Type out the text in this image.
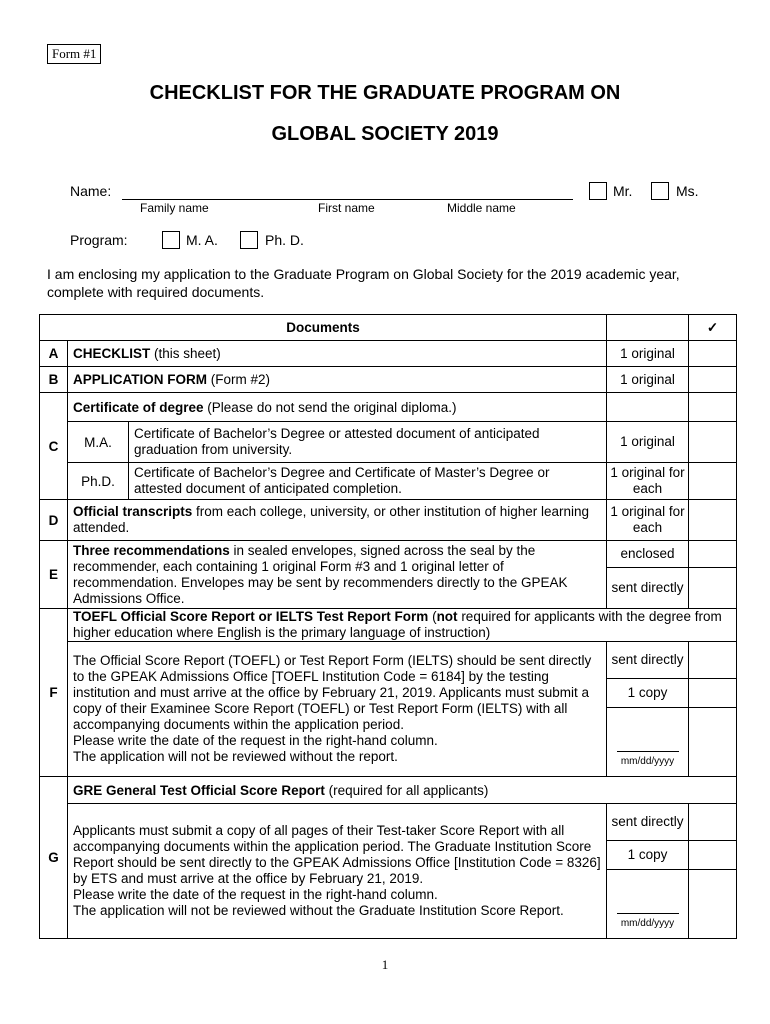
Form #1
CHECKLIST FOR THE GRADUATE PROGRAM ON
GLOBAL SOCIETY 2019
Name:	Mr.	Ms.
Family name	First name	Middle name
Program:	M. A.	Ph. D.
I am enclosing my application to the Graduate Program on Global Society for the 2019 academic year, complete with required documents.
Documents				✓
A	CHECKLIST (this sheet)		1 original	
B	APPLICATION FORM (Form #2)		1 original	
C	Certificate of degree (Please do not send the original diploma.)			
	M.A.	Certificate of Bachelor’s Degree or attested document of anticipated graduation from university.	1 original	
	Ph.D.	Certificate of Bachelor’s Degree and Certificate of Master’s Degree or attested document of anticipated completion.	1 original for each	
D	Official transcripts from each college, university, or other institution of higher learning attended.		1 original for each	
E	Three recommendations in sealed envelopes, signed across the seal by the recommender, each containing 1 original Form #3 and 1 original letter of recommendation. Envelopes may be sent by recommenders directly to the GPEAK Admissions Office.		enclosed	
			sent directly	
F	TOEFL Official Score Report or IELTS Test Report Form (not required for applicants with the degree from higher education where English is the primary language of instruction)			

	The Official Score Report (TOEFL) or Test Report Form (IELTS) should be sent directly to the GPEAK Admissions Office [TOEFL Institution Code = 6184] by the testing institution and must arrive at the office by February 21, 2019. Applicants must submit a copy of their Examinee Score Report (TOEFL) or Test Report Form (IELTS) with all accompanying documents within the application period.
Please write the date of the request in the right-hand column.
The application will not be reviewed without the report.		sent directly	
			1 copy	
			mm/dd/yyyy	
G	GRE General Test Official Score Report (required for all applicants)			

	Applicants must submit a copy of all pages of their Test-taker Score Report with all accompanying documents within the application period. The Graduate Institution Score Report should be sent directly to the GPEAK Admissions Office [Institution Code = 8326] by ETS and must arrive at the office by February 21, 2019.
Please write the date of the request in the right-hand column.
The application will not be reviewed without the Graduate Institution Score Report.		sent directly	
			1 copy	
			mm/dd/yyyy	
1
